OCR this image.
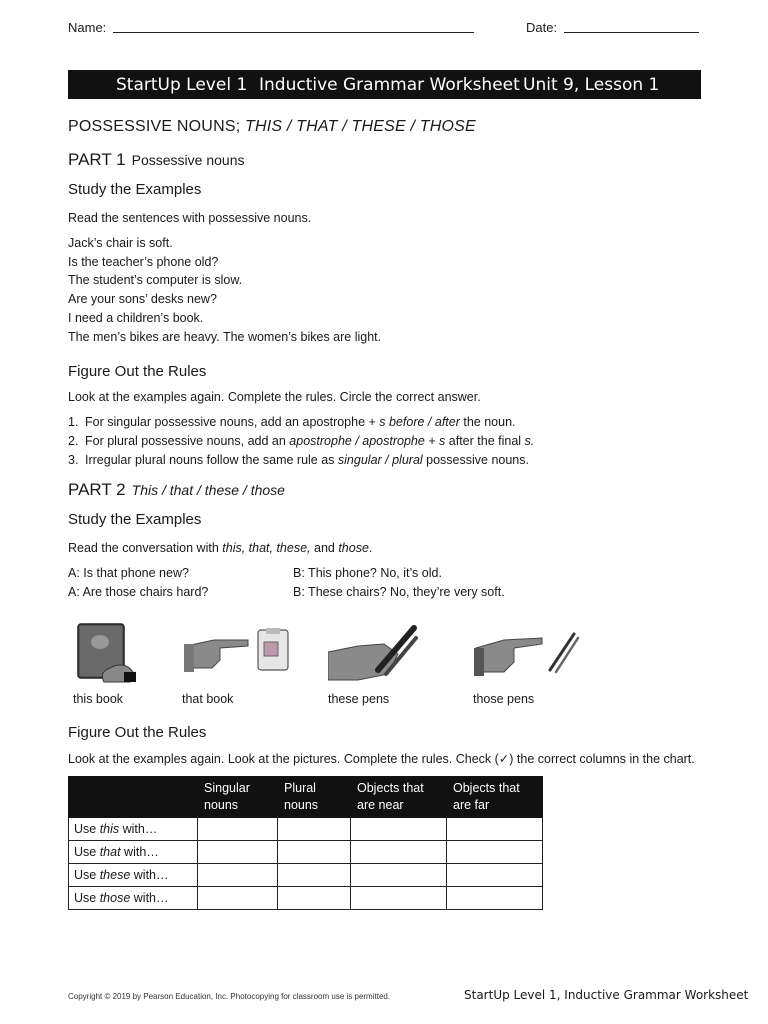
Name:	Date:
StartUp Level 1 Inductive Grammar Worksheet Unit 9, Lesson 1
POSSESSIVE NOUNS; THIS / THAT / THESE / THOSE
PART 1 Possessive nouns
Study the Examples
Read the sentences with possessive nouns.
Jack’s chair is soft.
Is the teacher’s phone old?
The student’s computer is slow.
Are your sons’ desks new?
I need a children’s book.
The men’s bikes are heavy. The women’s bikes are light.
Figure Out the Rules
Look at the examples again. Complete the rules. Circle the correct answer.
1. For singular possessive nouns, add an apostrophe + s before / after the noun.
2. For plural possessive nouns, add an apostrophe / apostrophe + s after the final s.
3. Irregular plural nouns follow the same rule as singular / plural possessive nouns.
PART 2 This / that / these / those
Study the Examples
Read the conversation with this, that, these, and those.
A: Is that phone new?	B: This phone? No, it’s old.
A: Are those chairs hard?	B: These chairs? No, they’re very soft.
this book	that book	these pens	those pens
Figure Out the Rules
Look at the examples again. Look at the pictures. Complete the rules. Check (✓) the correct columns in the chart.
	Singular nouns	Plural nouns	Objects that are near	Objects that are far
Use this with…				
Use that with…				
Use these with…				
Use those with…				
Copyright © 2019 by Pearson Education, Inc. Photocopying for classroom use is permitted.	StartUp Level 1, Inductive Grammar Worksheet
